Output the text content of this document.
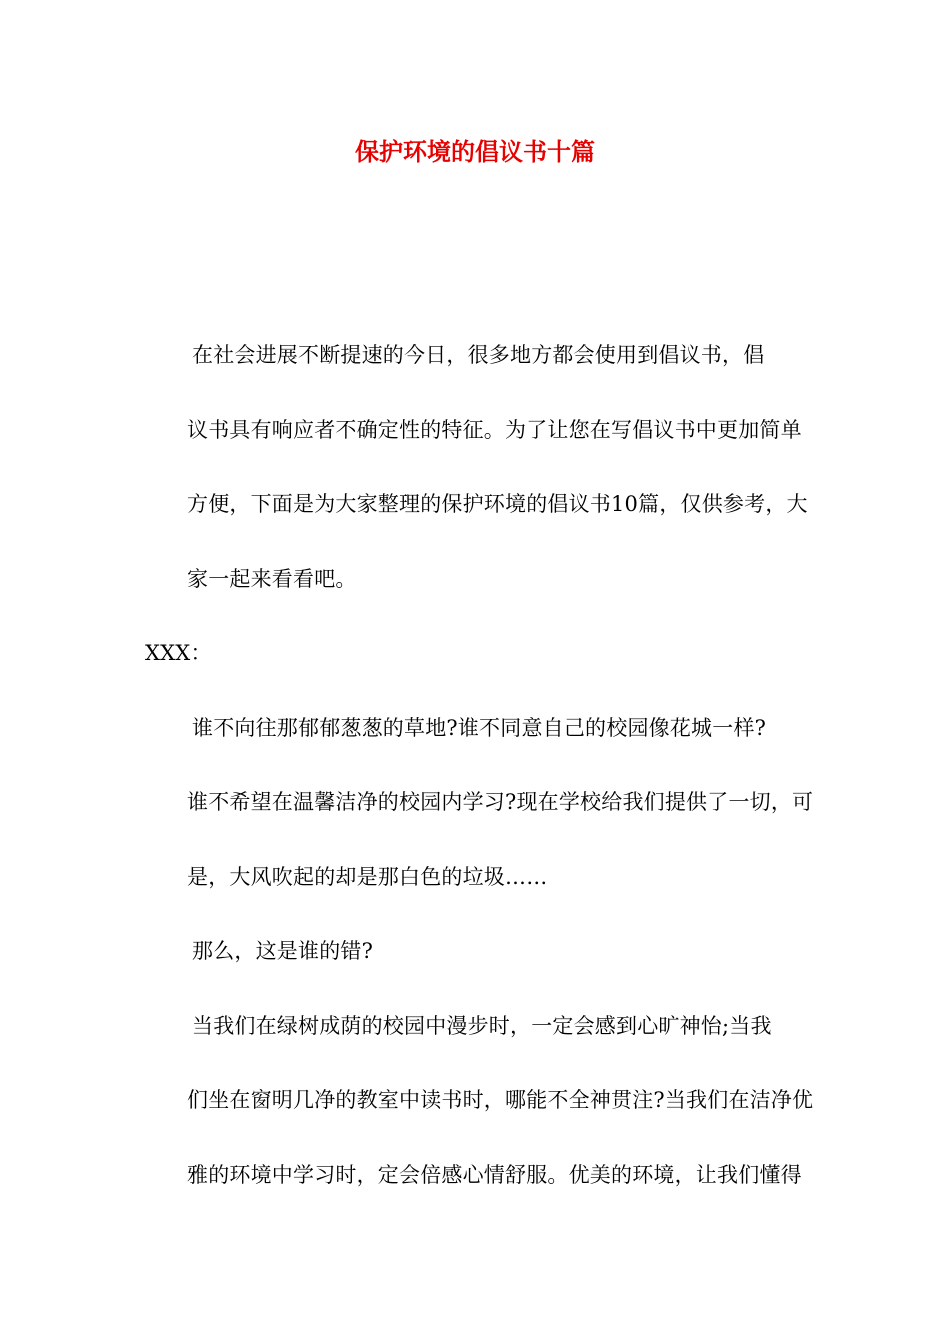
保护环境的倡议书十篇
在社会进展不断提速的今日，很多地方都会使用到倡议书，倡
议书具有响应者不确定性的特征。为了让您在写倡议书中更加简单
方便，下面是为大家整理的保护环境的倡议书10篇，仅供参考，大
家一起来看看吧。
XXX：
谁不向往那郁郁葱葱的草地?谁不同意自己的校园像花城一样?
谁不希望在温馨洁净的校园内学习?现在学校给我们提供了一切，可
是，大风吹起的却是那白色的垃圾……
那么，这是谁的错?
当我们在绿树成荫的校园中漫步时，一定会感到心旷神怡;当我
们坐在窗明几净的教室中读书时，哪能不全神贯注?当我们在洁净优
雅的环境中学习时，定会倍感心情舒服。优美的环境，让我们懂得
